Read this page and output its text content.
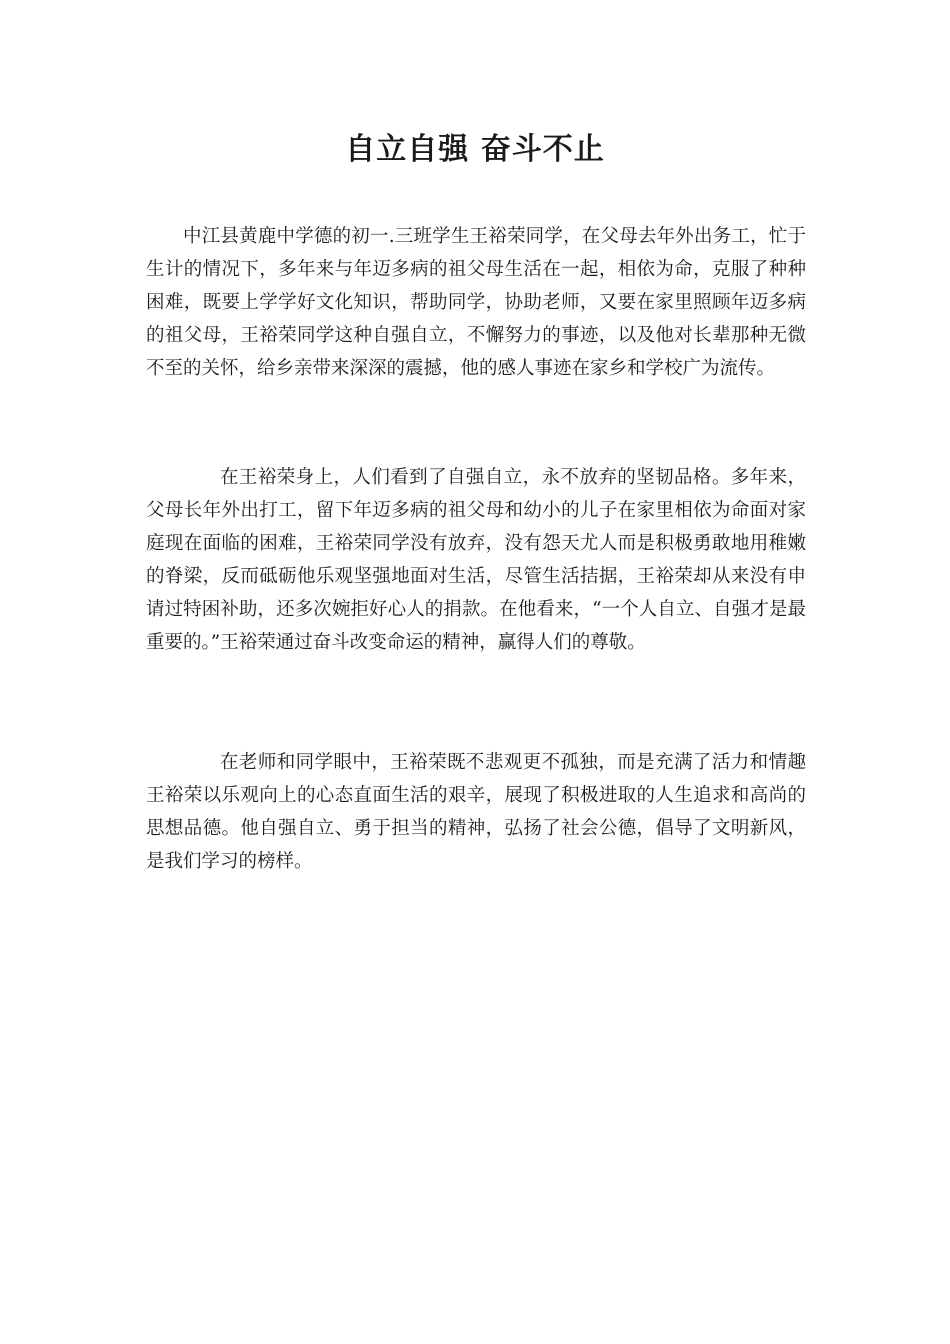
自立自强 奋斗不止

中江县黄鹿中学德的初一.三班学生王裕荣同学，在父母去年外出务工，忙于生计的情况下，多年来与年迈多病的祖父母生活在一起，相依为命，克服了种种困难，既要上学学好文化知识，帮助同学，协助老师，又要在家里照顾年迈多病的祖父母，王裕荣同学这种自强自立，不懈努力的事迹，以及他对长辈那种无微不至的关怀，给乡亲带来深深的震撼，他的感人事迹在家乡和学校广为流传。

在王裕荣身上，人们看到了自强自立，永不放弃的坚韧品格。多年来，父母长年外出打工，留下年迈多病的祖父母和幼小的儿子在家里相依为命面对家庭现在面临的困难，王裕荣同学没有放弃，没有怨天尤人而是积极勇敢地用稚嫩的脊梁，反而砥砺他乐观坚强地面对生活，尽管生活拮据，王裕荣却从来没有申请过特困补助，还多次婉拒好心人的捐款。在他看来，“一个人自立、自强才是最重要的。”王裕荣通过奋斗改变命运的精神，赢得人们的尊敬。

在老师和同学眼中，王裕荣既不悲观更不孤独，而是充满了活力和情趣王裕荣以乐观向上的心态直面生活的艰辛，展现了积极进取的人生追求和高尚的思想品德。他自强自立、勇于担当的精神，弘扬了社会公德，倡导了文明新风，是我们学习的榜样。
